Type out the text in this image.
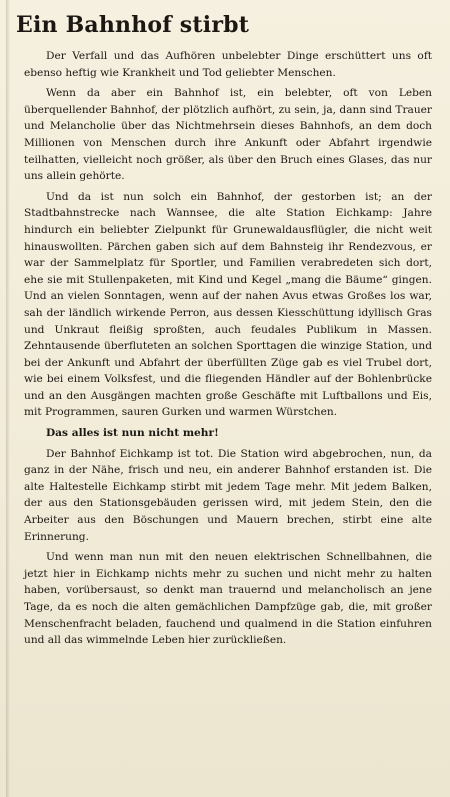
Ein Bahnhof stirbt

Der Verfall und das Aufhören unbelebter Dinge erschüttert uns oft ebenso heftig wie Krankheit und Tod geliebter Menschen.

Wenn da aber ein Bahnhof ist, ein belebter, oft von Leben überquellender Bahnhof, der plötzlich aufhört, zu sein, ja, dann sind Trauer und Melancholie über das Nichtmehrsein dieses Bahnhofs, an dem doch Millionen von Menschen durch ihre Ankunft oder Abfahrt irgendwie teilhatten, vielleicht noch größer, als über den Bruch eines Glases, das nur uns allein gehörte.

Und da ist nun solch ein Bahnhof, der gestorben ist; an der Stadtbahnstrecke nach Wannsee, die alte Station Eichkamp: Jahre hindurch ein beliebter Zielpunkt für Grunewaldausflügler, die nicht weit hinauswollten. Pärchen gaben sich auf dem Bahnsteig ihr Rendezvous, er war der Sammelplatz für Sportler, und Familien verabredeten sich dort, ehe sie mit Stullenpaketen, mit Kind und Kegel „mang die Bäume“ gingen. Und an vielen Sonntagen, wenn auf der nahen Avus etwas Großes los war, sah der ländlich wirkende Perron, aus dessen Kiesschüttung idyllisch Gras und Unkraut fleißig sproßten, auch feudales Publikum in Massen. Zehntausende überfluteten an solchen Sporttagen die winzige Station, und bei der Ankunft und Abfahrt der überfüllten Züge gab es viel Trubel dort, wie bei einem Volksfest, und die fliegenden Händler auf der Bohlenbrücke und an den Ausgängen machten große Geschäfte mit Luftballons und Eis, mit Programmen, sauren Gurken und warmen Würstchen.

Das alles ist nun nicht mehr!

Der Bahnhof Eichkamp ist tot. Die Station wird abgebrochen, nun, da ganz in der Nähe, frisch und neu, ein anderer Bahnhof erstanden ist. Die alte Haltestelle Eichkamp stirbt mit jedem Tage mehr. Mit jedem Balken, der aus den Stationsgebäuden gerissen wird, mit jedem Stein, den die Arbeiter aus den Böschungen und Mauern brechen, stirbt eine alte Erinnerung.

Und wenn man nun mit den neuen elektrischen Schnellbahnen, die jetzt hier in Eichkamp nichts mehr zu suchen und nicht mehr zu halten haben, vorübersaust, so denkt man trauernd und melancholisch an jene Tage, da es noch die alten gemächlichen Dampfzüge gab, die, mit großer Menschenfracht beladen, fauchend und qualmend in die Station einfuhren und all das wimmelnde Leben hier zurückließen.
